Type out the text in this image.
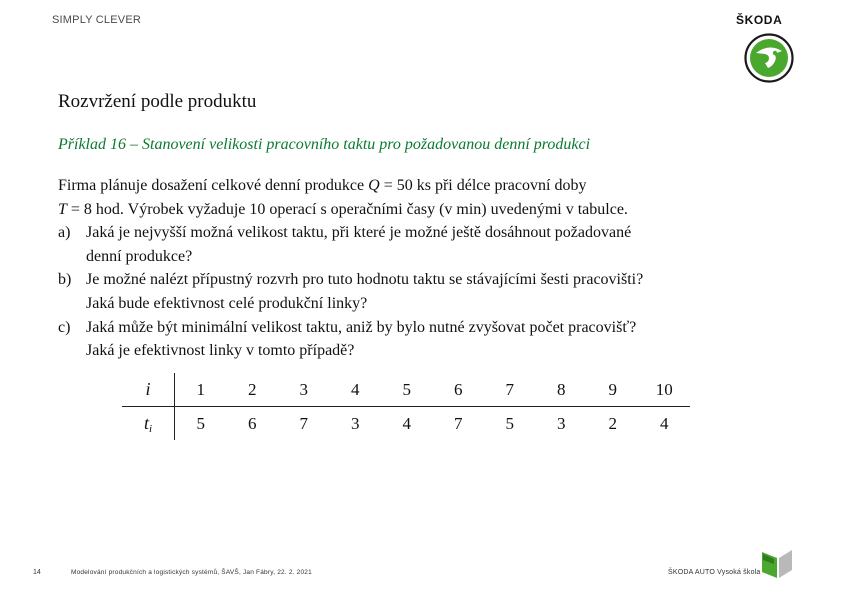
SIMPLY CLEVER	ŠKODA
Rozvržení podle produktu
Příklad 16 – Stanovení velikosti pracovního taktu pro požadovanou denní produkci
Firma plánuje dosažení celkové denní produkce Q = 50 ks při délce pracovní doby
T = 8 hod. Výrobek vyžaduje 10 operací s operačními časy (v min) uvedenými v tabulce.
a) Jaká je nejvyšší možná velikost taktu, při které je možné ještě dosáhnout požadované
denní produkce?
b) Je možné nalézt přípustný rozvrh pro tuto hodnotu taktu se stávajícími šesti pracovišti?
Jaká bude efektivnost celé produkční linky?
c) Jaká může být minimální velikost taktu, aniž by bylo nutné zvyšovat počet pracovišť?
Jaká je efektivnost linky v tomto případě?
i	1	2	3	4	5	6	7	8	9	10
$t_i$	5	6	7	3	4	7	5	3	2	4
14	Modelování produkčních a logistických systémů, ŠAVŠ, Jan Fábry, 22. 2. 2021	ŠKODA AUTO Vysoká škola
